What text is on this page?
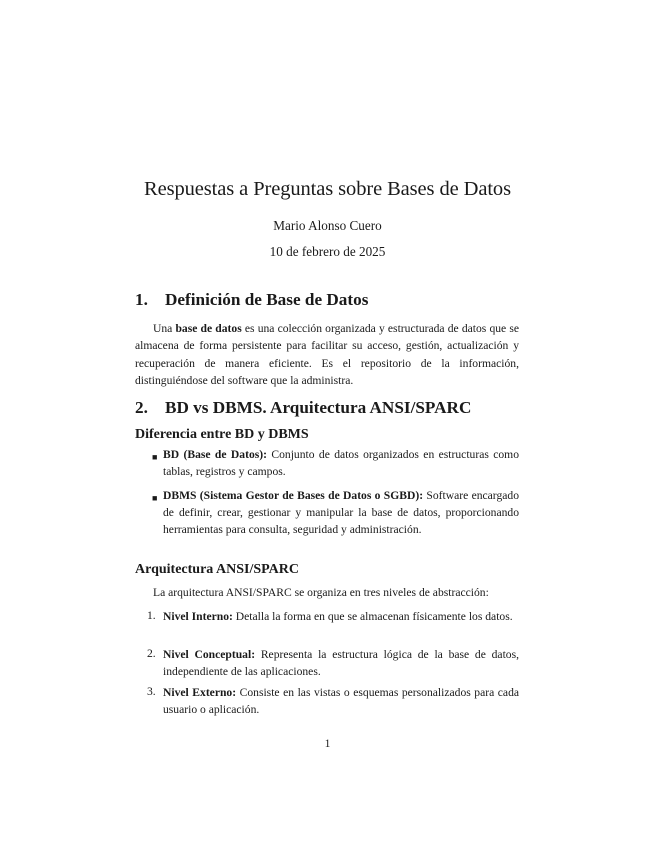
Respuestas a Preguntas sobre Bases de Datos
Mario Alonso Cuero
10 de febrero de 2025
1. Definición de Base de Datos
Una base de datos es una colección organizada y estructurada de datos que se almacena de forma persistente para facilitar su acceso, gestión, actualización y recuperación de manera eficiente. Es el repositorio de la información, distinguiéndose del software que la administra.
2. BD vs DBMS. Arquitectura ANSI/SPARC
Diferencia entre BD y DBMS
■ BD (Base de Datos): Conjunto de datos organizados en estructuras como tablas, registros y campos.
■ DBMS (Sistema Gestor de Bases de Datos o SGBD): Software encargado de definir, crear, gestionar y manipular la base de datos, proporcionando herramientas para consulta, seguridad y administración.
Arquitectura ANSI/SPARC
La arquitectura ANSI/SPARC se organiza en tres niveles de abstracción:
1. Nivel Interno: Detalla la forma en que se almacenan físicamente los datos.
2. Nivel Conceptual: Representa la estructura lógica de la base de datos, independiente de las aplicaciones.
3. Nivel Externo: Consiste en las vistas o esquemas personalizados para cada usuario o aplicación.
1
